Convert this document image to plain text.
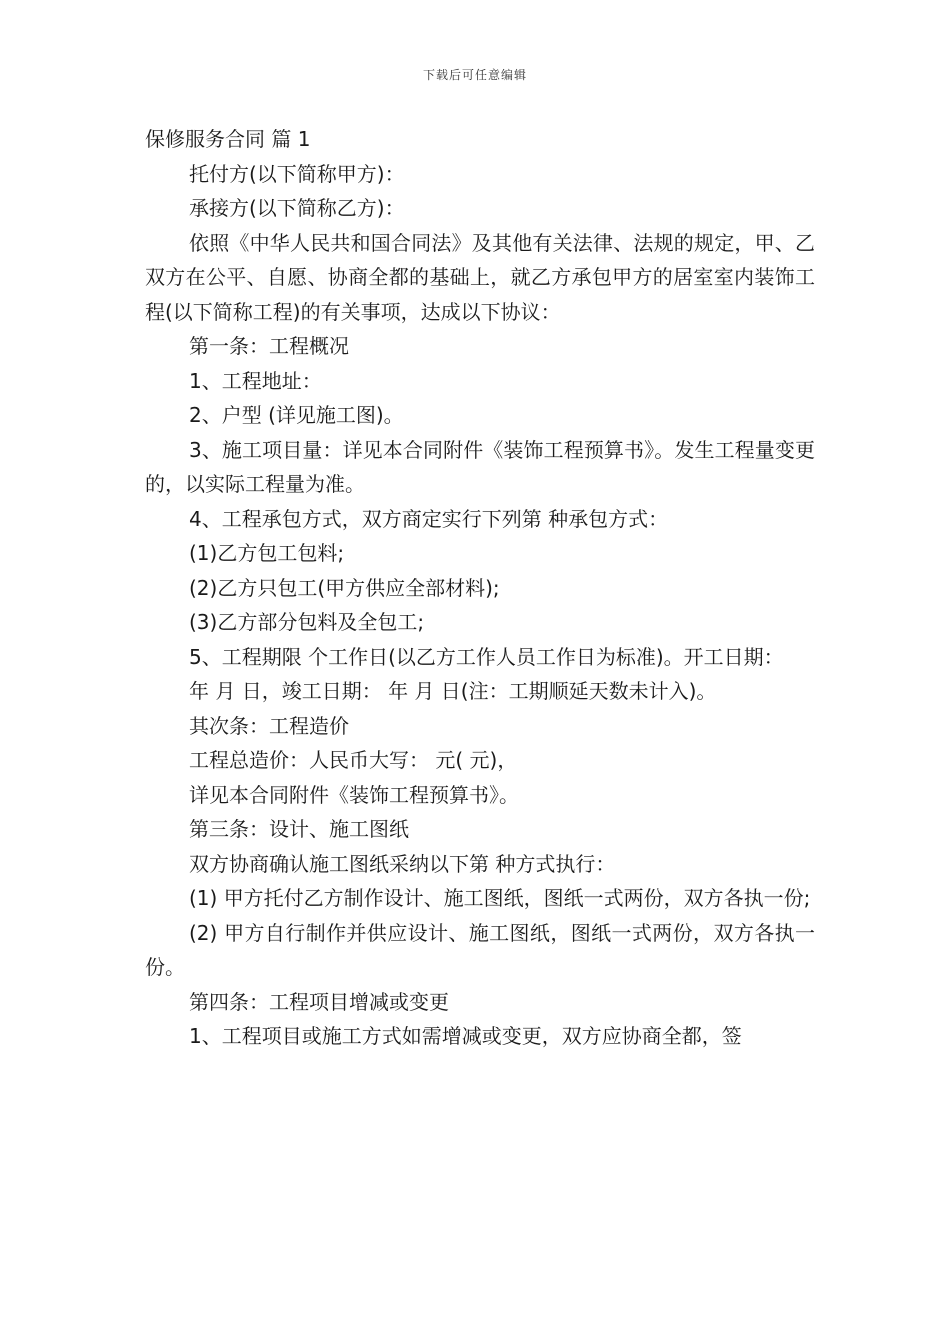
下载后可任意编辑

保修服务合同 篇 1

托付方(以下简称甲方)：

承接方(以下简称乙方)：

依照《中华人民共和国合同法》及其他有关法律、法规的规定，甲、乙双方在公平、自愿、协商全都的基础上，就乙方承包甲方的居室室内装饰工程(以下简称工程)的有关事项，达成以下协议：

第一条：工程概况

1、工程地址：

2、户型 (详见施工图)。

3、施工项目量：详见本合同附件《装饰工程预算书》。发生工程量变更的，以实际工程量为准。

4、工程承包方式，双方商定实行下列第 种承包方式：

(1)乙方包工包料;

(2)乙方只包工(甲方供应全部材料);

(3)乙方部分包料及全包工;

5、工程期限 个工作日(以乙方工作人员工作日为标准)。开工日期：

年 月 日，竣工日期： 年 月 日(注：工期顺延天数未计入)。

其次条：工程造价

工程总造价：人民币大写： 元( 元)，

详见本合同附件《装饰工程预算书》。

第三条：设计、施工图纸

双方协商确认施工图纸采纳以下第 种方式执行：

(1) 甲方托付乙方制作设计、施工图纸，图纸一式两份，双方各执一份;

(2) 甲方自行制作并供应设计、施工图纸，图纸一式两份，双方各执一份。

第四条：工程项目增减或变更

1、工程项目或施工方式如需增减或变更，双方应协商全都，签
